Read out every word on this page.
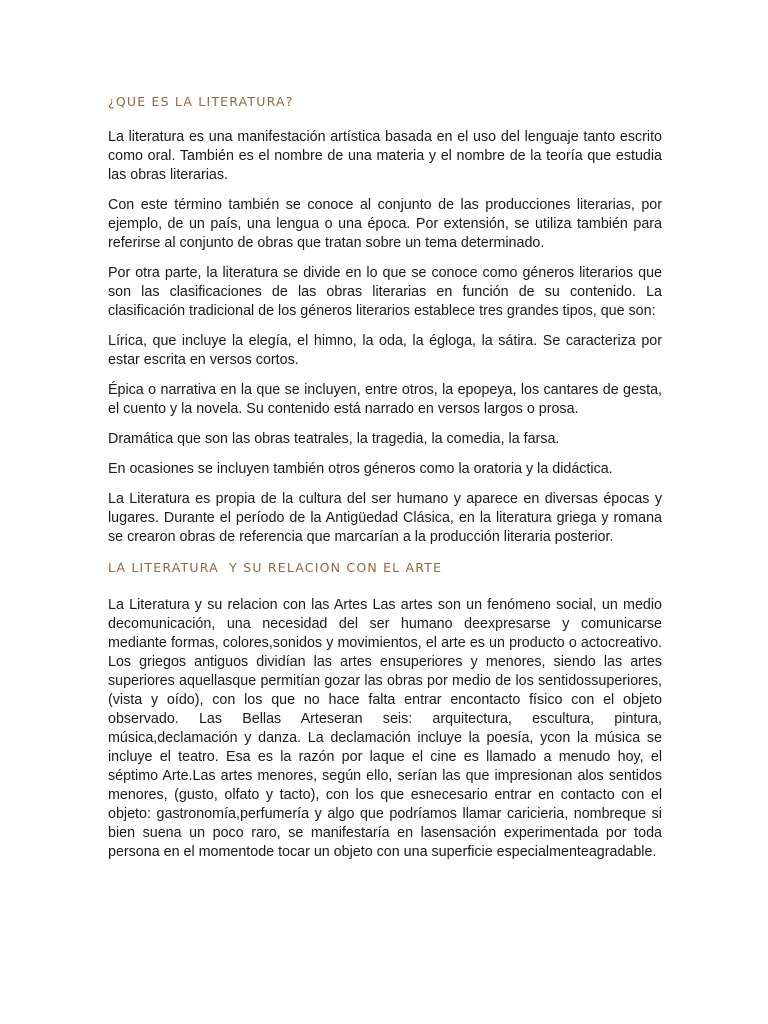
¿QUE ES LA LITERATURA?

La literatura es una manifestación artística basada en el uso del lenguaje tanto escrito como oral. También es el nombre de una materia y el nombre de la teoría que estudia las obras literarias.

Con este término también se conoce al conjunto de las producciones literarias, por ejemplo, de un país, una lengua o una época. Por extensión, se utiliza también para referirse al conjunto de obras que tratan sobre un tema determinado.

Por otra parte, la literatura se divide en lo que se conoce como géneros literarios que son las clasificaciones de las obras literarias en función de su contenido. La clasificación tradicional de los géneros literarios establece tres grandes tipos, que son:

Lírica, que incluye la elegía, el himno, la oda, la égloga, la sátira. Se caracteriza por estar escrita en versos cortos.

Épica o narrativa en la que se incluyen, entre otros, la epopeya, los cantares de gesta, el cuento y la novela. Su contenido está narrado en versos largos o prosa.

Dramática que son las obras teatrales, la tragedia, la comedia, la farsa.

En ocasiones se incluyen también otros géneros como la oratoria y la didáctica.

La Literatura es propia de la cultura del ser humano y aparece en diversas épocas y lugares. Durante el período de la Antigüedad Clásica, en la literatura griega y romana se crearon obras de referencia que marcarían a la producción literaria posterior.

LA LITERATURA  Y SU RELACION CON EL ARTE

La Literatura y su relacion con las Artes Las artes son un fenómeno social, un medio decomunicación, una necesidad del ser humano deexpresarse y comunicarse mediante formas, colores,sonidos y movimientos, el arte es un producto o actocreativo. Los griegos antiguos dividían las artes ensuperiores y menores, siendo las artes superiores aquellasque permitían gozar las obras por medio de los sentidossuperiores,(vista y oído), con los que no hace falta entrar encontacto físico con el objeto observado. Las Bellas Arteseran seis: arquitectura, escultura, pintura, música,declamación y danza. La declamación incluye la poesía, ycon la música se incluye el teatro. Esa es la razón por laque el cine es llamado a menudo hoy, el séptimo Arte.Las artes menores, según ello, serían las que impresionan alos sentidos menores, (gusto, olfato y tacto), con los que esnecesario entrar en contacto con el objeto: gastronomía,perfumería y algo que podríamos llamar caricieria, nombreque si bien suena un poco raro, se manifestaría en lasensación experimentada por toda persona en el momentode tocar un objeto con una superficie especialmenteagradable.
